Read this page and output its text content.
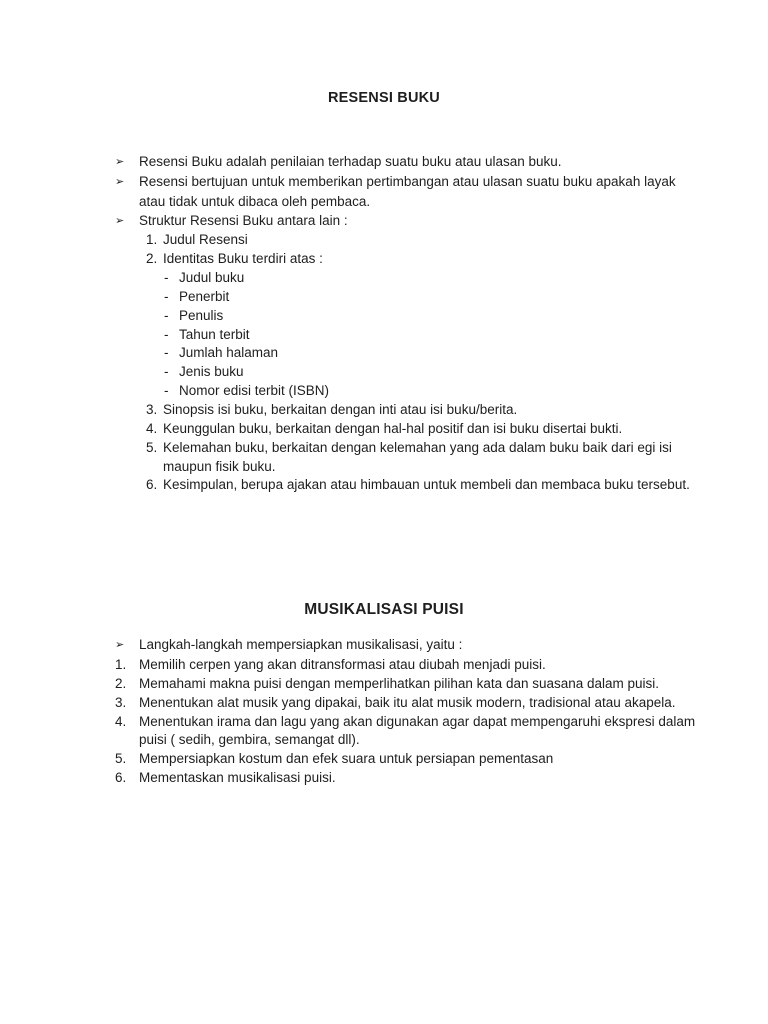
RESENSI BUKU
➢	Resensi Buku adalah penilaian terhadap suatu buku atau ulasan buku.
➢	Resensi bertujuan untuk memberikan pertimbangan atau ulasan suatu buku apakah layak
atau tidak untuk dibaca oleh pembaca.
➢	Struktur Resensi Buku antara lain :
1. Judul Resensi
2. Identitas Buku terdiri atas :
- Judul buku
- Penerbit
- Penulis
- Tahun terbit
- Jumlah halaman
- Jenis buku
- Nomor edisi terbit (ISBN)
3. Sinopsis isi buku, berkaitan dengan inti atau isi buku/berita.
4. Keunggulan buku, berkaitan dengan hal-hal positif dan isi buku disertai bukti.
5. Kelemahan buku, berkaitan dengan kelemahan yang ada dalam buku baik dari egi isi
maupun fisik buku.
6. Kesimpulan, berupa ajakan atau himbauan untuk membeli dan membaca buku tersebut.
MUSIKALISASI PUISI
➢	Langkah-langkah mempersiapkan musikalisasi, yaitu :
1. Memilih cerpen yang akan ditransformasi atau diubah menjadi puisi.
2. Memahami makna puisi dengan memperlihatkan pilihan kata dan suasana dalam puisi.
3. Menentukan alat musik yang dipakai, baik itu alat musik modern, tradisional atau akapela.
4. Menentukan irama dan lagu yang akan digunakan agar dapat mempengaruhi ekspresi dalam
puisi ( sedih, gembira, semangat dll).
5. Mempersiapkan kostum dan efek suara untuk persiapan pementasan
6. Mementaskan musikalisasi puisi.
